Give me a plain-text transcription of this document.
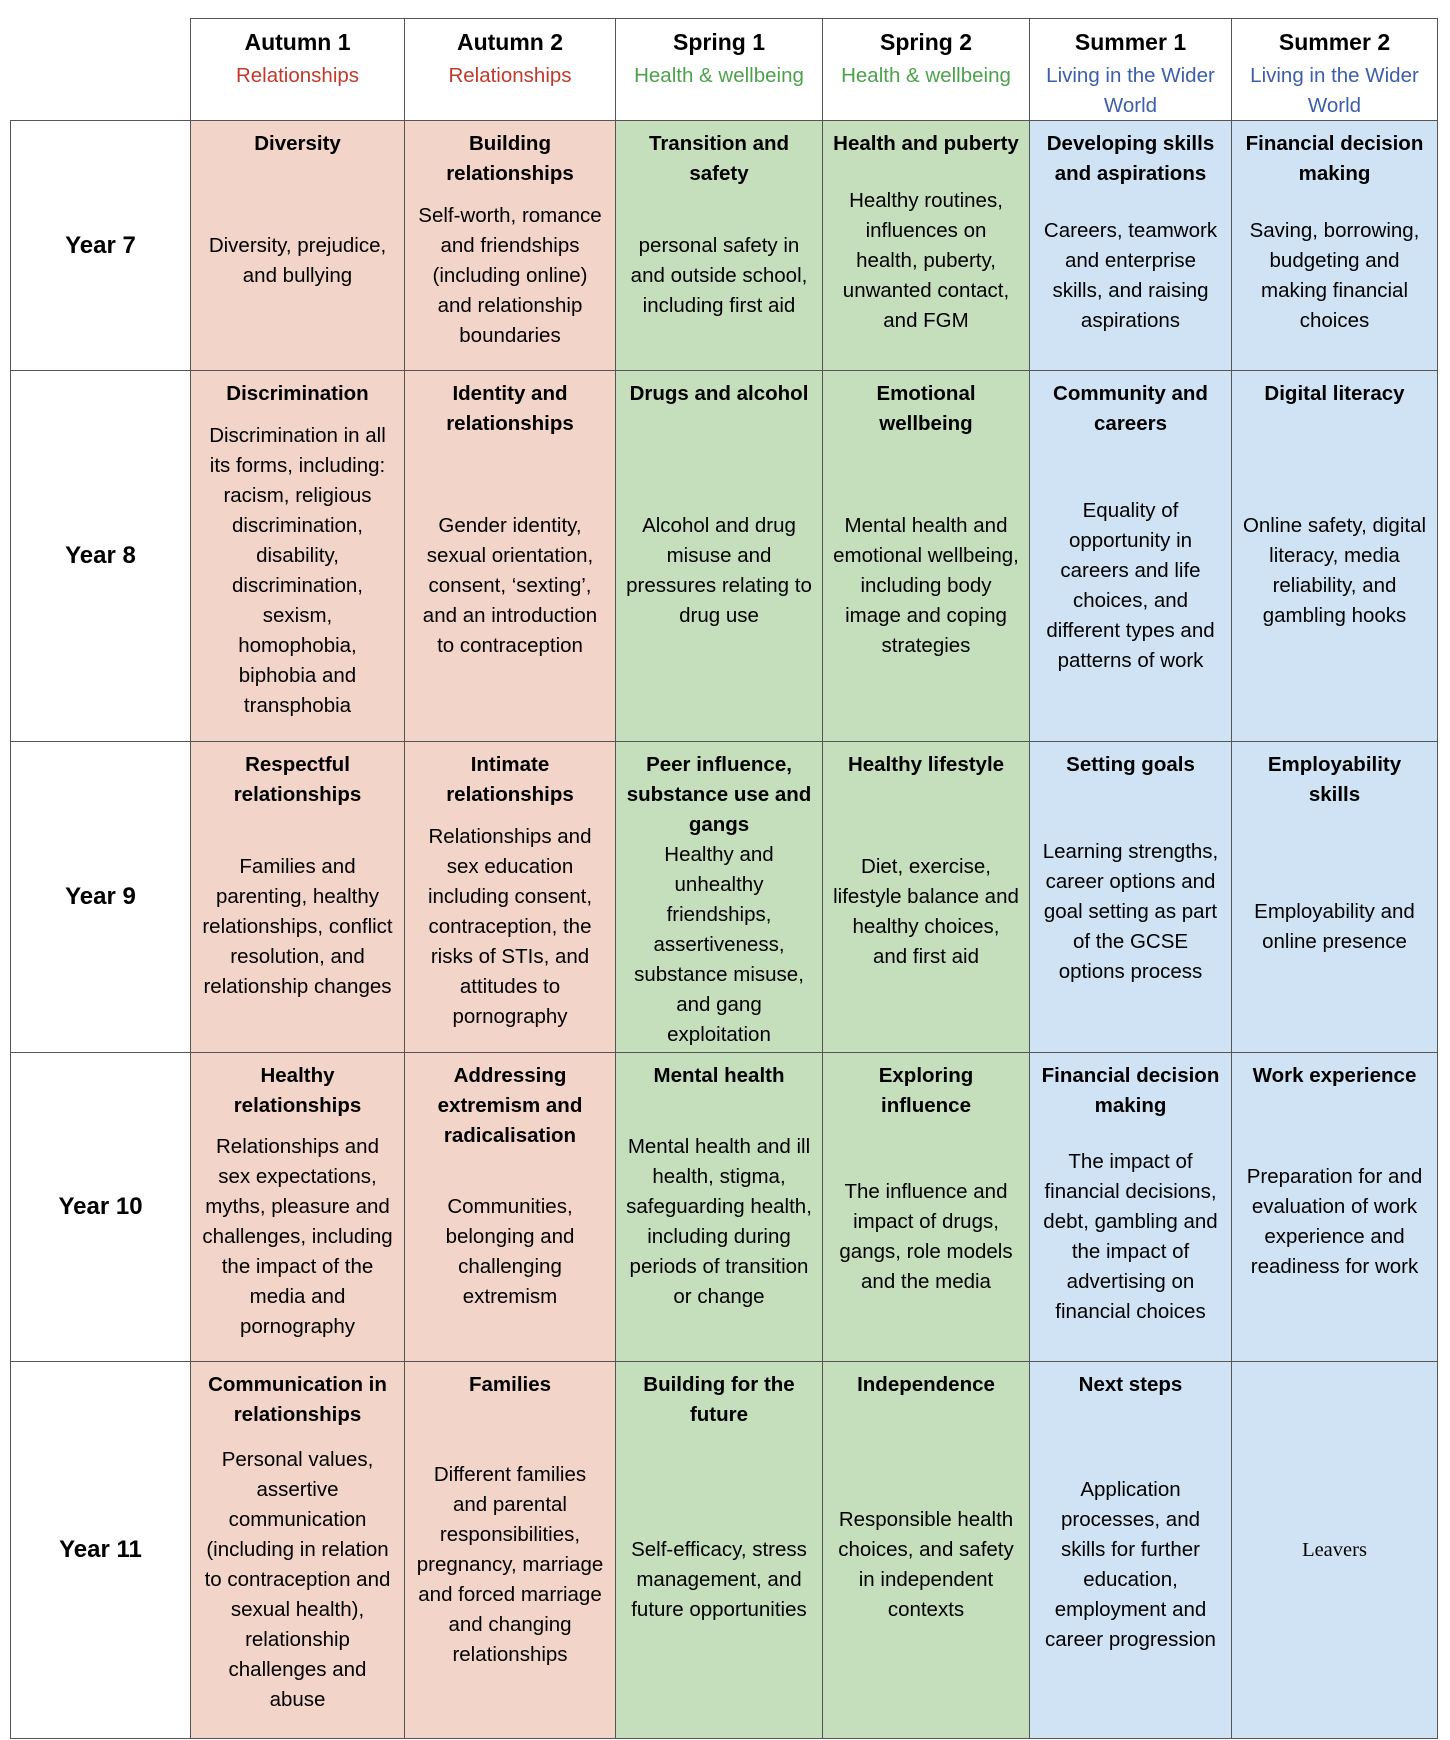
Autumn 1
Relationships
Autumn 2
Relationships
Spring 1
Health & wellbeing
Spring 2
Health & wellbeing
Summer 1
Living in the Wider World
Summer 2
Living in the Wider World
Year 7
Year 8
Year 9
Year 10
Year 11
Diversity
Diversity, prejudice, and bullying
Building relationships
Self-worth, romance and friendships (including online) and relationship boundaries
Transition and safety
personal safety in and outside school, including first aid
Health and puberty
Healthy routines, influences on health, puberty, unwanted contact, and FGM
Developing skills and aspirations
Careers, teamwork and enterprise skills, and raising aspirations
Financial decision making
Saving, borrowing, budgeting and making financial choices
Discrimination
Discrimination in all its forms, including: racism, religious discrimination, disability, discrimination, sexism, homophobia, biphobia and transphobia
Identity and relationships
Gender identity, sexual orientation, consent, ‘sexting’, and an introduction to contraception
Drugs and alcohol
Alcohol and drug misuse and pressures relating to drug use
Emotional wellbeing
Mental health and emotional wellbeing, including body image and coping strategies
Community and careers
Equality of opportunity in careers and life choices, and different types and patterns of work
Digital literacy
Online safety, digital literacy, media reliability, and gambling hooks
Respectful relationships
Families and parenting, healthy relationships, conflict resolution, and relationship changes
Intimate relationships
Relationships and sex education including consent, contraception, the risks of STIs, and attitudes to pornography
Peer influence, substance use and gangs
Healthy and unhealthy friendships, assertiveness, substance misuse, and gang exploitation
Healthy lifestyle
Diet, exercise, lifestyle balance and healthy choices, and first aid
Setting goals
Learning strengths, career options and goal setting as part of the GCSE options process
Employability skills
Employability and online presence
Healthy relationships
Relationships and sex expectations, myths, pleasure and challenges, including the impact of the media and pornography
Addressing extremism and radicalisation
Communities, belonging and challenging extremism
Mental health
Mental health and ill health, stigma, safeguarding health, including during periods of transition or change
Exploring influence
The influence and impact of drugs, gangs, role models and the media
Financial decision making
The impact of financial decisions, debt, gambling and the impact of advertising on financial choices
Work experience
Preparation for and evaluation of work experience and readiness for work
Communication in relationships
Personal values, assertive communication (including in relation to contraception and sexual health), relationship challenges and abuse
Families
Different families and parental responsibilities, pregnancy, marriage and forced marriage and changing relationships
Building for the future
Self-efficacy, stress management, and future opportunities
Independence
Responsible health choices, and safety in independent contexts
Next steps
Application processes, and skills for further education, employment and career progression
Leavers
